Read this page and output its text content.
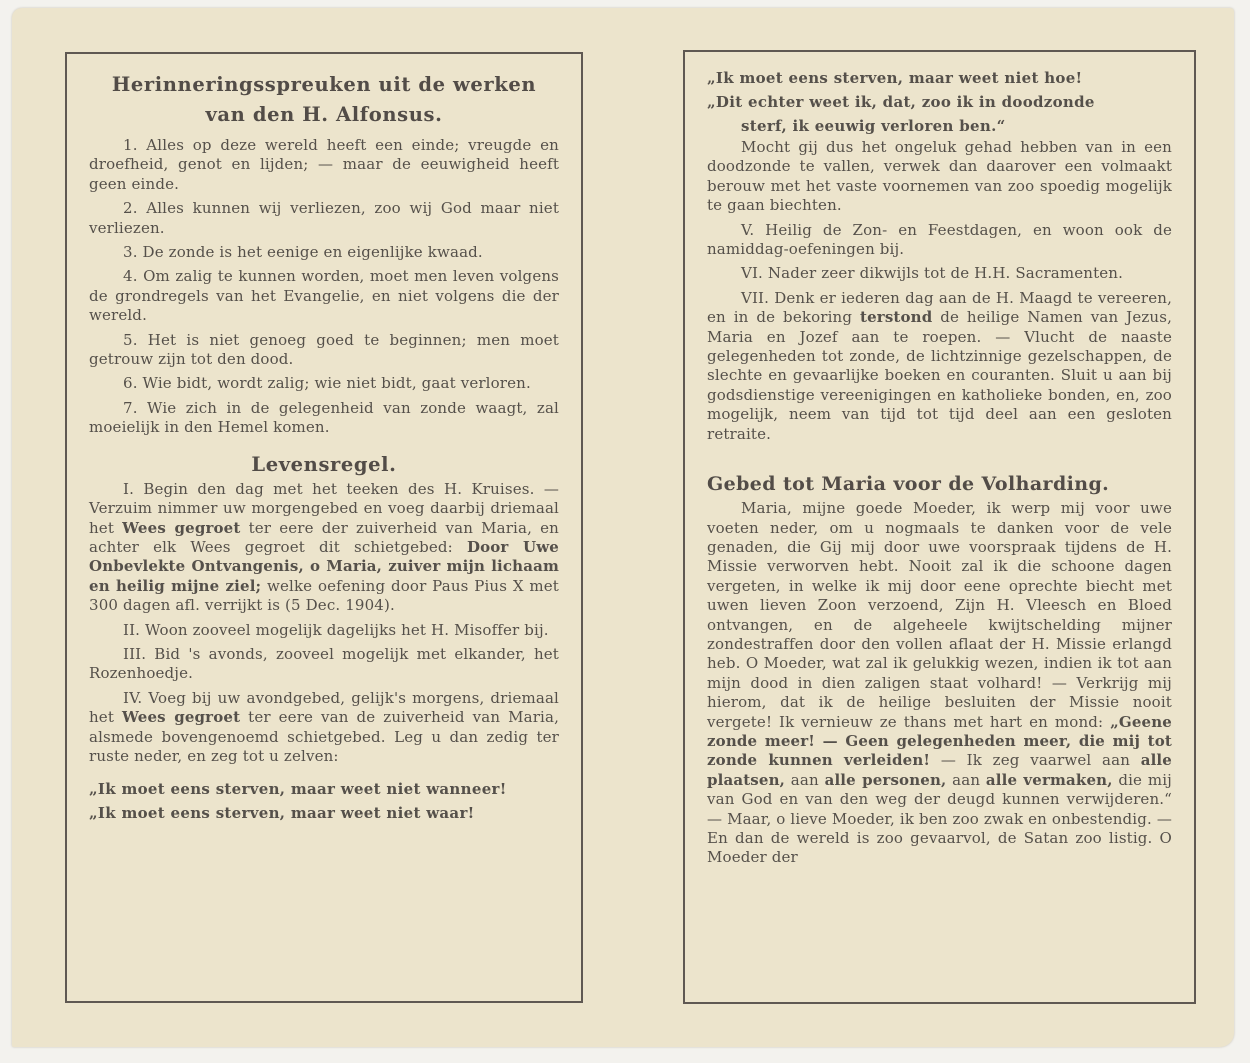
Herinneringsspreuken uit de werken van den H. Alfonsus.

1. Alles op deze wereld heeft een einde; vreugde en droefheid, genot en lijden; — maar de eeuwigheid heeft geen einde.

2. Alles kunnen wij verliezen, zoo wij God maar niet verliezen.

3. De zonde is het eenige en eigenlijke kwaad.

4. Om zalig te kunnen worden, moet men leven volgens de grondregels van het Evangelie, en niet volgens die der wereld.

5. Het is niet genoeg goed te beginnen; men moet getrouw zijn tot den dood.

6. Wie bidt, wordt zalig; wie niet bidt, gaat verloren.

7. Wie zich in de gelegenheid van zonde waagt, zal moeielijk in den Hemel komen.

Levensregel.

I. Begin den dag met het teeken des H. Kruises. — Verzuim nimmer uw morgengebed en voeg daarbij driemaal het Wees gegroet ter eere der zuiverheid van Maria, en achter elk Wees gegroet dit schietgebed: Door Uwe Onbevlekte Ontvangenis, o Maria, zuiver mijn lichaam en heilig mijne ziel; welke oefening door Paus Pius X met 300 dagen afl. verrijkt is (5 Dec. 1904).

II. Woon zooveel mogelijk dagelijks het H. Misoffer bij.

III. Bid 's avonds, zooveel mogelijk met elkander, het Rozenhoedje.

IV. Voeg bij uw avondgebed, gelijk's morgens, driemaal het Wees gegroet ter eere van de zuiverheid van Maria, alsmede bovengenoemd schietgebed. Leg u dan zedig ter ruste neder, en zeg tot u zelven:

„Ik moet eens sterven, maar weet niet wanneer!
„Ik moet eens sterven, maar weet niet waar!
„Ik moet eens sterven, maar weet niet hoe!
„Dit echter weet ik, dat, zoo ik in doodzonde
sterf, ik eeuwig verloren ben.“

Mocht gij dus het ongeluk gehad hebben van in een doodzonde te vallen, verwek dan daarover een volmaakt berouw met het vaste voornemen van zoo spoedig mogelijk te gaan biechten.

V. Heilig de Zon- en Feestdagen, en woon ook de namiddag-oefeningen bij.

VI. Nader zeer dikwijls tot de H.H. Sacramenten.

VII. Denk er iederen dag aan de H. Maagd te vereeren, en in de bekoring terstond de heilige Namen van Jezus, Maria en Jozef aan te roepen. — Vlucht de naaste gelegenheden tot zonde, de lichtzinnige gezelschappen, de slechte en gevaarlijke boeken en couranten. Sluit u aan bij godsdienstige vereenigingen en katholieke bonden, en, zoo mogelijk, neem van tijd tot tijd deel aan een gesloten retraite.

Gebed tot Maria voor de Volharding.

Maria, mijne goede Moeder, ik werp mij voor uwe voeten neder, om u nogmaals te danken voor de vele genaden, die Gij mij door uwe voorspraak tijdens de H. Missie verworven hebt. Nooit zal ik die schoone dagen vergeten, in welke ik mij door eene oprechte biecht met uwen lieven Zoon verzoend, Zijn H. Vleesch en Bloed ontvangen, en de algeheele kwijtschelding mijner zondestraffen door den vollen aflaat der H. Missie erlangd heb. O Moeder, wat zal ik gelukkig wezen, indien ik tot aan mijn dood in dien zaligen staat volhard! — Verkrijg mij hierom, dat ik de heilige besluiten der Missie nooit vergete! Ik vernieuw ze thans met hart en mond: „Geene zonde meer! — Geen gelegenheden meer, die mij tot zonde kunnen verleiden! — Ik zeg vaarwel aan alle plaatsen, aan alle personen, aan alle vermaken, die mij van God en van den weg der deugd kunnen verwijderen.“ — Maar, o lieve Moeder, ik ben zoo zwak en onbestendig. — En dan de wereld is zoo gevaarvol, de Satan zoo listig. O Moeder der
